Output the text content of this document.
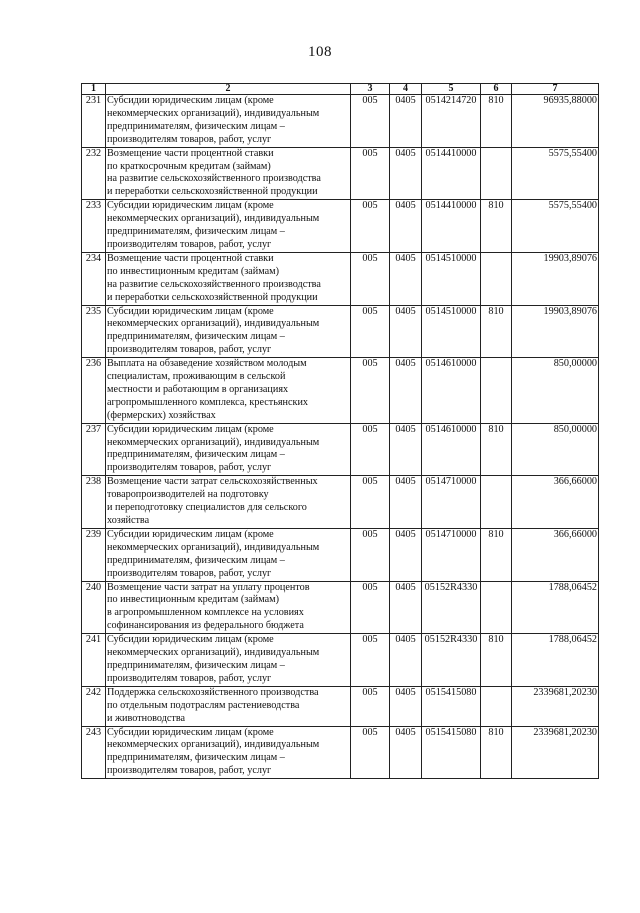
108
1	2	3	4	5	6	7
231	Субсидии юридическим лицам (кроме
некоммерческих организаций), индивидуальным
предпринимателям, физическим лицам –
производителям товаров, работ, услуг	005	0405	0514214720	810	96935,88000
232	Возмещение части процентной ставки
по краткосрочным кредитам (займам)
на развитие сельскохозяйственного производства
и переработки сельскохозяйственной продукции	005	0405	0514410000		5575,55400
233	Субсидии юридическим лицам (кроме
некоммерческих организаций), индивидуальным
предпринимателям, физическим лицам –
производителям товаров, работ, услуг	005	0405	0514410000	810	5575,55400
234	Возмещение части процентной ставки
по инвестиционным кредитам (займам)
на развитие сельскохозяйственного производства
и переработки сельскохозяйственной продукции	005	0405	0514510000		19903,89076
235	Субсидии юридическим лицам (кроме
некоммерческих организаций), индивидуальным
предпринимателям, физическим лицам –
производителям товаров, работ, услуг	005	0405	0514510000	810	19903,89076
236	Выплата на обзаведение хозяйством молодым
специалистам, проживающим в сельской
местности и работающим в организациях
агропромышленного комплекса, крестьянских
(фермерских) хозяйствах	005	0405	0514610000		850,00000
237	Субсидии юридическим лицам (кроме
некоммерческих организаций), индивидуальным
предпринимателям, физическим лицам –
производителям товаров, работ, услуг	005	0405	0514610000	810	850,00000
238	Возмещение части затрат сельскохозяйственных
товаропроизводителей на подготовку
и переподготовку специалистов для сельского
хозяйства	005	0405	0514710000		366,66000
239	Субсидии юридическим лицам (кроме
некоммерческих организаций), индивидуальным
предпринимателям, физическим лицам –
производителям товаров, работ, услуг	005	0405	0514710000	810	366,66000
240	Возмещение части затрат на уплату процентов
по инвестиционным кредитам (займам)
в агропромышленном комплексе на условиях
софинансирования из федерального бюджета	005	0405	05152R4330		1788,06452
241	Субсидии юридическим лицам (кроме
некоммерческих организаций), индивидуальным
предпринимателям, физическим лицам –
производителям товаров, работ, услуг	005	0405	05152R4330	810	1788,06452
242	Поддержка сельскохозяйственного производства
по отдельным подотраслям растениеводства
и животноводства	005	0405	0515415080		2339681,20230
243	Субсидии юридическим лицам (кроме
некоммерческих организаций), индивидуальным
предпринимателям, физическим лицам –
производителям товаров, работ, услуг	005	0405	0515415080	810	2339681,20230
